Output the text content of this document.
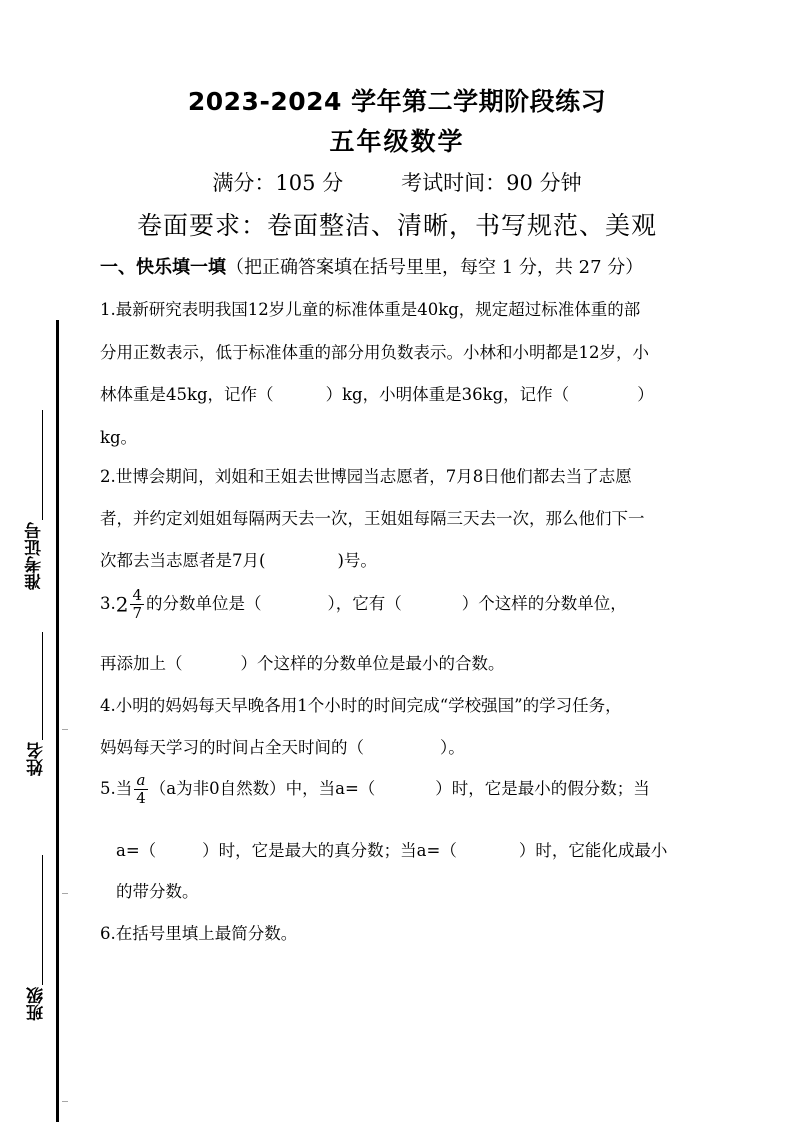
2023-2024 学年第二学期阶段练习
五年级数学
满分：105 分	考试时间：90 分钟
卷面要求：卷面整洁、清晰，书写规范、美观
一、快乐填一填（把正确答案填在括号里里，每空 1 分，共 27 分）
1.最新研究表明我国12岁儿童的标准体重是40kg，规定超过标准体重的部
分用正数表示，低于标准体重的部分用负数表示。小林和小明都是12岁，小
林体重是45kg，记作（	）kg，小明体重是36kg，记作（	）
kg。
2.世博会期间，刘姐和王姐去世博园当志愿者，7月8日他们都去当了志愿
者，并约定刘姐姐每隔两天去一次，王姐姐每隔三天去一次，那么他们下一
次都去当志愿者是7月(	)号。
$3.2 \frac{4}{7}$ 的分数单位是（	），它有（	）个这样的分数单位，
再添加上（	）个这样的分数单位是最小的合数。
4.小明的妈妈每天早晚各用1个小时的时间完成“学校强国”的学习任务，
妈妈每天学习的时间占全天时间的（	）。
5.当 $\frac{a}{4} (a$为非0自然数）中，当a=（	）时，它是最小的假分数；当
a=（	）时，它是最大的真分数；当a=（	）时，它能化成最小
的带分数。
6.在括号里填上最简分数。
准考证号
姓名
班级
―
―
―
